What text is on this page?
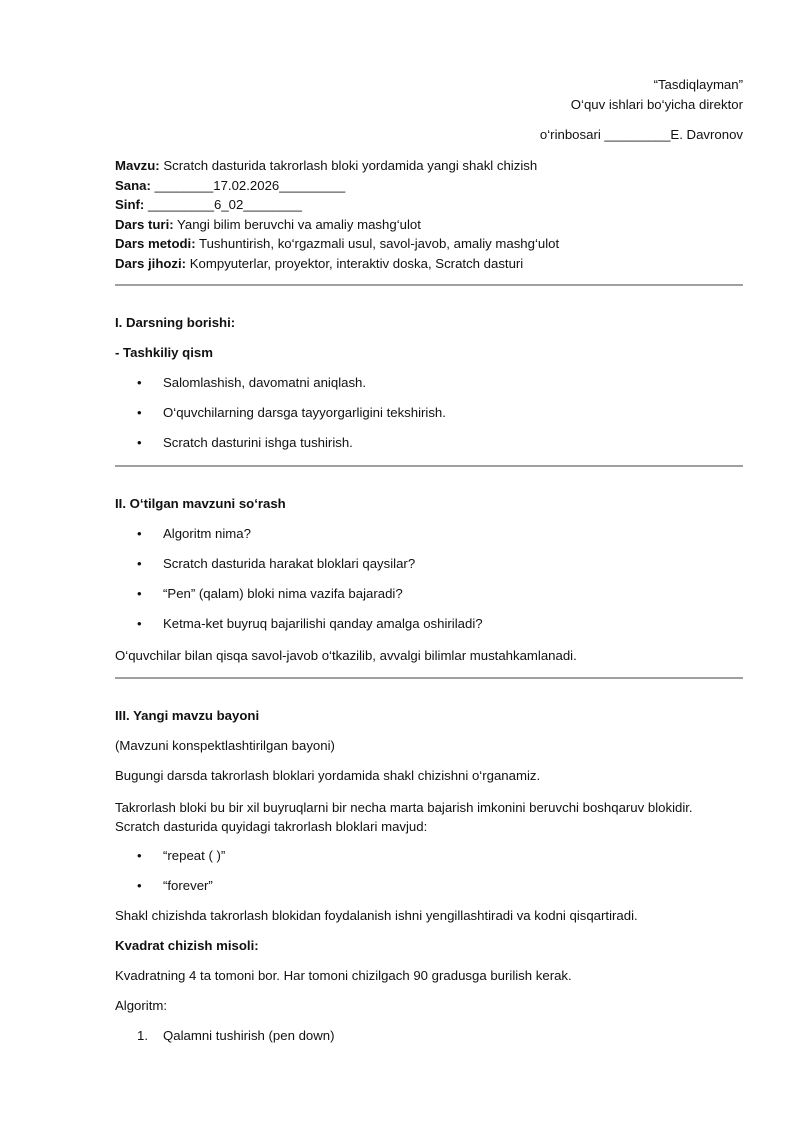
“Tasdiqlayman”
O‘quv ishlari bo‘yicha direktor
o‘rinbosari _________E. Davronov
Mavzu: Scratch dasturida takrorlash bloki yordamida yangi shakl chizish
Sana: ________17.02.2026_________
Sinf: _________6_02________
Dars turi: Yangi bilim beruvchi va amaliy mashg‘ulot
Dars metodi: Tushuntirish, ko‘rgazmali usul, savol-javob, amaliy mashg‘ulot
Dars jihozi: Kompyuterlar, proyektor, interaktiv doska, Scratch dasturi
I. Darsning borishi:
- Tashkiliy qism
• Salomlashish, davomatni aniqlash.
• O‘quvchilarning darsga tayyorgarligini tekshirish.
• Scratch dasturini ishga tushirish.
II. O‘tilgan mavzuni so‘rash
• Algoritm nima?
• Scratch dasturida harakat bloklari qaysilar?
• “Pen” (qalam) bloki nima vazifa bajaradi?
• Ketma-ket buyruq bajarilishi qanday amalga oshiriladi?

O‘quvchilar bilan qisqa savol-javob o‘tkazilib, avvalgi bilimlar mustahkamlanadi.

III. Yangi mavzu bayoni

(Mavzuni konspektlashtirilgan bayoni)

Bugungi darsda takrorlash bloklari yordamida shakl chizishni o‘rganamiz.

Takrorlash bloki bu bir xil buyruqlarni bir necha marta bajarish imkonini beruvchi boshqaruv blokidir.
Scratch dasturida quyidagi takrorlash bloklari mavjud:
• “repeat ( )”
• “forever”

Shakl chizishda takrorlash blokidan foydalanish ishni yengillashtiradi va kodni qisqartiradi.

Kvadrat chizish misoli:

Kvadratning 4 ta tomoni bor. Har tomoni chizilgach 90 gradusga burilish kerak.

Algoritm:

1. Qalamni tushirish (pen down)
